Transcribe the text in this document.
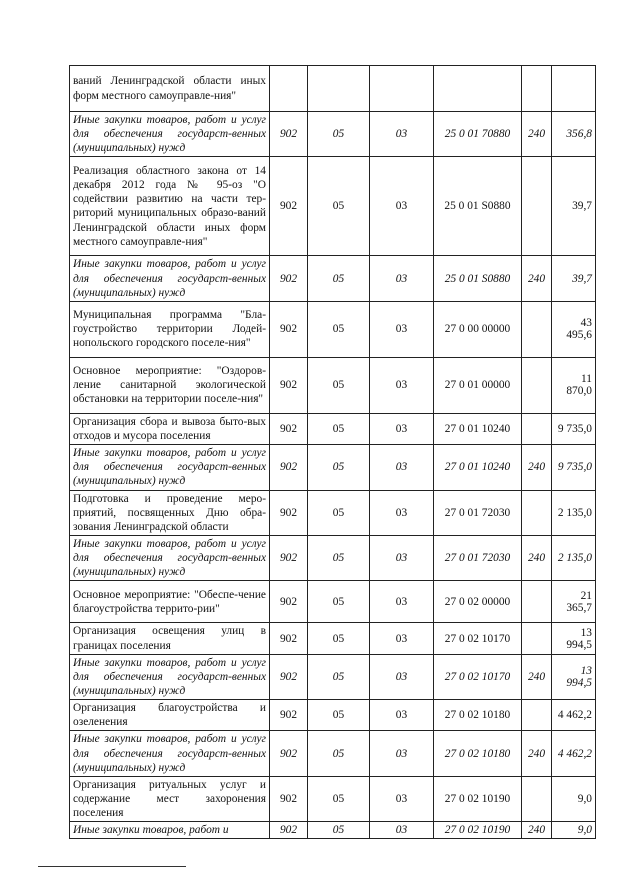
ваний Ленинградской области иных форм местного самоуправле-ния"						
Иные закупки товаров, работ и услуг для обеспечения государст-венных (муниципальных) нужд	902	05	03	25 0 01 70880	240	356,8
Реализация областного закона от 14 декабря 2012 года № 95-оз "О содействии развитию на части тер-риторий муниципальных образо-ваний Ленинградской области иных форм местного самоуправле-ния"	902	05	03	25 0 01 S0880		39,7
Иные закупки товаров, работ и услуг для обеспечения государст-венных (муниципальных) нужд	902	05	03	25 0 01 S0880	240	39,7
Муниципальная программа "Бла-гоустройство территории Лодей-нопольского городского поселе-ния"	902	05	03	27 0 00 00000		43 495,6
Основное мероприятие: "Оздоров-ление санитарной экологической обстановки на территории поселе-ния"	902	05	03	27 0 01 00000		11 870,0
Организация сбора и вывоза быто-вых отходов и мусора поселения	902	05	03	27 0 01 10240		9 735,0
Иные закупки товаров, работ и услуг для обеспечения государст-венных (муниципальных) нужд	902	05	03	27 0 01 10240	240	9 735,0
Подготовка и проведение меро-приятий, посвященных Дню обра-зования Ленинградской области	902	05	03	27 0 01 72030		2 135,0
Иные закупки товаров, работ и услуг для обеспечения государст-венных (муниципальных) нужд	902	05	03	27 0 01 72030	240	2 135,0
Основное мероприятие: "Обеспе-чение благоустройства террито-рии"	902	05	03	27 0 02 00000		21 365,7
Организация освещения улиц в границах поселения	902	05	03	27 0 02 10170		13 994,5
Иные закупки товаров, работ и услуг для обеспечения государст-венных (муниципальных) нужд	902	05	03	27 0 02 10170	240	13 994,5
Организация благоустройства и озеленения	902	05	03	27 0 02 10180		4 462,2
Иные закупки товаров, работ и услуг для обеспечения государст-венных (муниципальных) нужд	902	05	03	27 0 02 10180	240	4 462,2
Организация ритуальных услуг и содержание мест захоронения поселения	902	05	03	27 0 02 10190		9,0
Иные закупки товаров, работ и	902	05	03	27 0 02 10190	240	9,0
